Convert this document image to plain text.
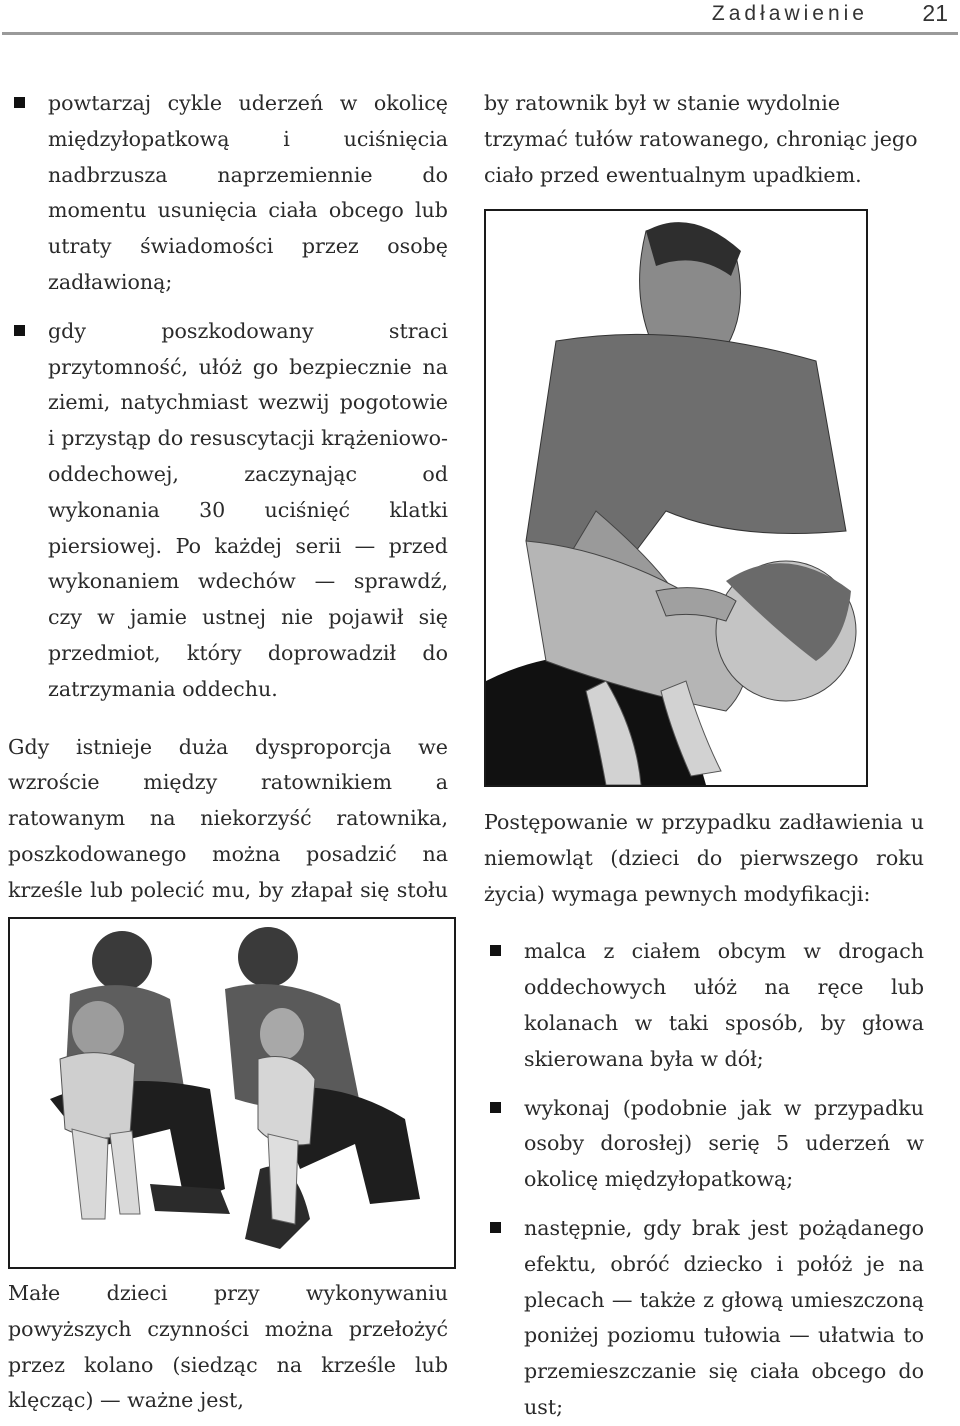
Zadławienie 21
powtarzaj cykle uderzeń w okolicę międzyłopatkową i uciśnięcia nadbrzusza naprzemiennie do momentu usunięcia ciała obcego lub utraty świadomości przez osobę zadławioną;
gdy poszkodowany straci przytomność, ułóż go bezpiecznie na ziemi, natychmiast wezwij pogotowie i przystąp do resuscytacji krążeniowo-oddechowej, zaczynając od wykonania 30 uciśnięć klatki piersiowej. Po każdej serii — przed wykonaniem wdechów — sprawdź, czy w jamie ustnej nie pojawił się przedmiot, który doprowadził do zatrzymania oddechu.

Gdy istnieje duża dysproporcja we wzroście między ratownikiem a ratowanym na niekorzyść ratownika, poszkodowanego można posadzić na krześle lub polecić mu, by złapał się stołu

Małe dzieci przy wykonywaniu powyższych czynności można przełożyć przez kolano (siedząc na krześle lub klęcząc) — ważne jest,

by ratownik był w stanie wydolnie trzymać tułów ratowanego, chroniąc jego ciało przed ewentualnym upadkiem.

Postępowanie w przypadku zadławienia u niemowląt (dzieci do pierwszego roku życia) wymaga pewnych modyfikacji:

malca z ciałem obcym w drogach oddechowych ułóż na ręce lub kolanach w taki sposób, by głowa skierowana była w dół;
wykonaj (podobnie jak w przypadku osoby dorosłej) serię 5 uderzeń w okolicę międzyłopatkową;
następnie, gdy brak jest pożądanego efektu, obróć dziecko i połóż je na plecach — także z głową umieszczoną poniżej poziomu tułowia — ułatwia to przemieszczanie się ciała obcego do ust;
